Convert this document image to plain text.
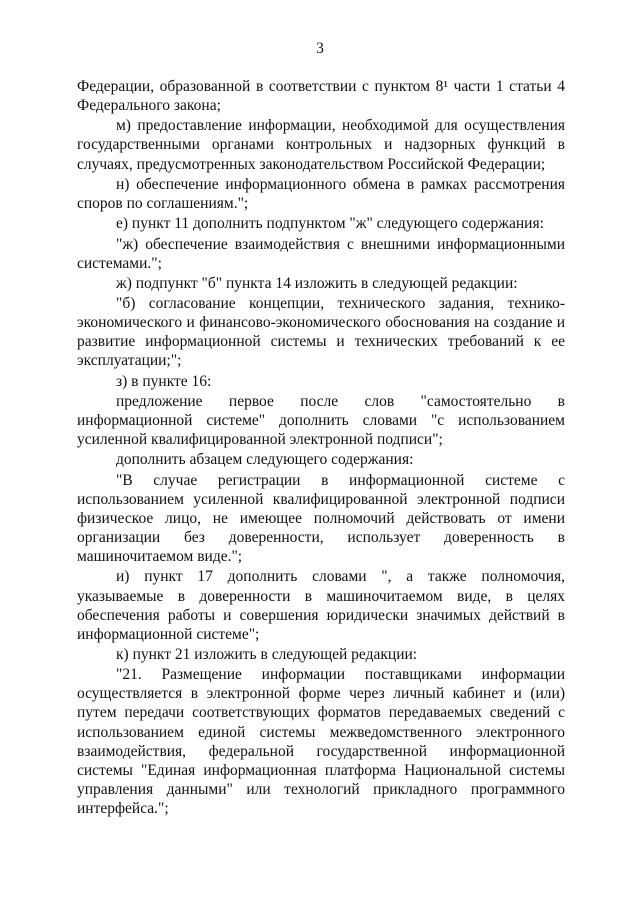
3

Федерации, образованной в соответствии с пунктом 8¹ части 1 статьи 4 Федерального закона;

м) предоставление информации, необходимой для осуществления государственными органами контрольных и надзорных функций в случаях, предусмотренных законодательством Российской Федерации;

н) обеспечение информационного обмена в рамках рассмотрения споров по соглашениям.";

е) пункт 11 дополнить подпунктом "ж" следующего содержания:

"ж) обеспечение взаимодействия с внешними информационными системами.";

ж) подпункт "б" пункта 14 изложить в следующей редакции:

"б) согласование концепции, технического задания, технико-экономического и финансово-экономического обоснования на создание и развитие информационной системы и технических требований к ее эксплуатации;";

з) в пункте 16:

предложение первое после слов "самостоятельно в информационной системе" дополнить словами "с использованием усиленной квалифицированной электронной подписи";

дополнить абзацем следующего содержания:

"В случае регистрации в информационной системе с использованием усиленной квалифицированной электронной подписи физическое лицо, не имеющее полномочий действовать от имени организации без доверенности, использует доверенность в машиночитаемом виде.";

и) пункт 17 дополнить словами ", а также полномочия, указываемые в доверенности в машиночитаемом виде, в целях обеспечения работы и совершения юридически значимых действий в информационной системе";

к) пункт 21 изложить в следующей редакции:

"21. Размещение информации поставщиками информации осуществляется в электронной форме через личный кабинет и (или) путем передачи соответствующих форматов передаваемых сведений с использованием единой системы межведомственного электронного взаимодействия, федеральной государственной информационной системы "Единая информационная платформа Национальной системы управления данными" или технологий прикладного программного интерфейса.";
